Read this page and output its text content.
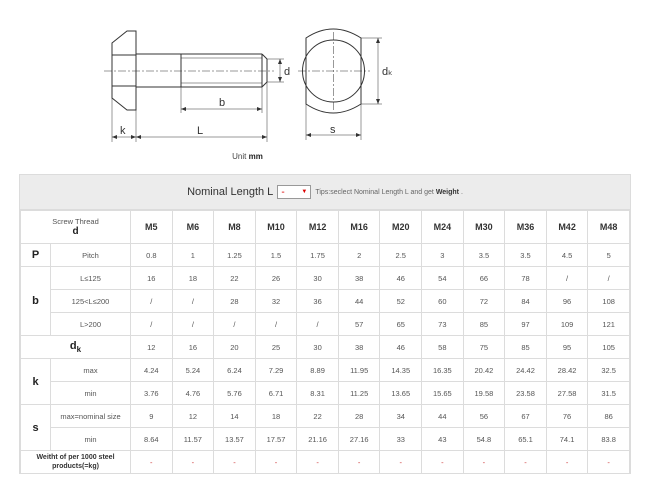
d
b
k	L
dₖ
s
Unit mm
Nominal Length L -	▼ Tips:seclect Nominal Length L and get Weight .
Screw Thread
d		M5	M6	M8	M10	M12	M16	M20	M24	M30	M36	M42	M48
P	Pitch	0.8	1	1.25	1.5	1.75	2	2.5	3	3.5	3.5	4.5	5
b	L≤125	16	18	22	26	30	38	46	54	66	78	/	/
	125<L≤200	/	/	28	32	36	44	52	60	72	84	96	108
	L>200	/	/	/	/	/	57	65	73	85	97	109	121
$d_k$		12	16	20	25	30	38	46	58	75	85	95	105
k	max	4.24	5.24	6.24	7.29	8.89	11.95	14.35	16.35	20.42	24.42	28.42	32.5
	min	3.76	4.76	5.76	6.71	8.31	11.25	13.65	15.65	19.58	23.58	27.58	31.5
s	max=nominal size	9	12	14	18	22	28	34	44	56	67	76	86
	min	8.64	11.57	13.57	17.57	21.16	27.16	33	43	54.8	65.1	74.1	83.8
Weitht of per 1000 steel products(=kg)		-	-	-	-	-	-	-	-	-	-	-	-
